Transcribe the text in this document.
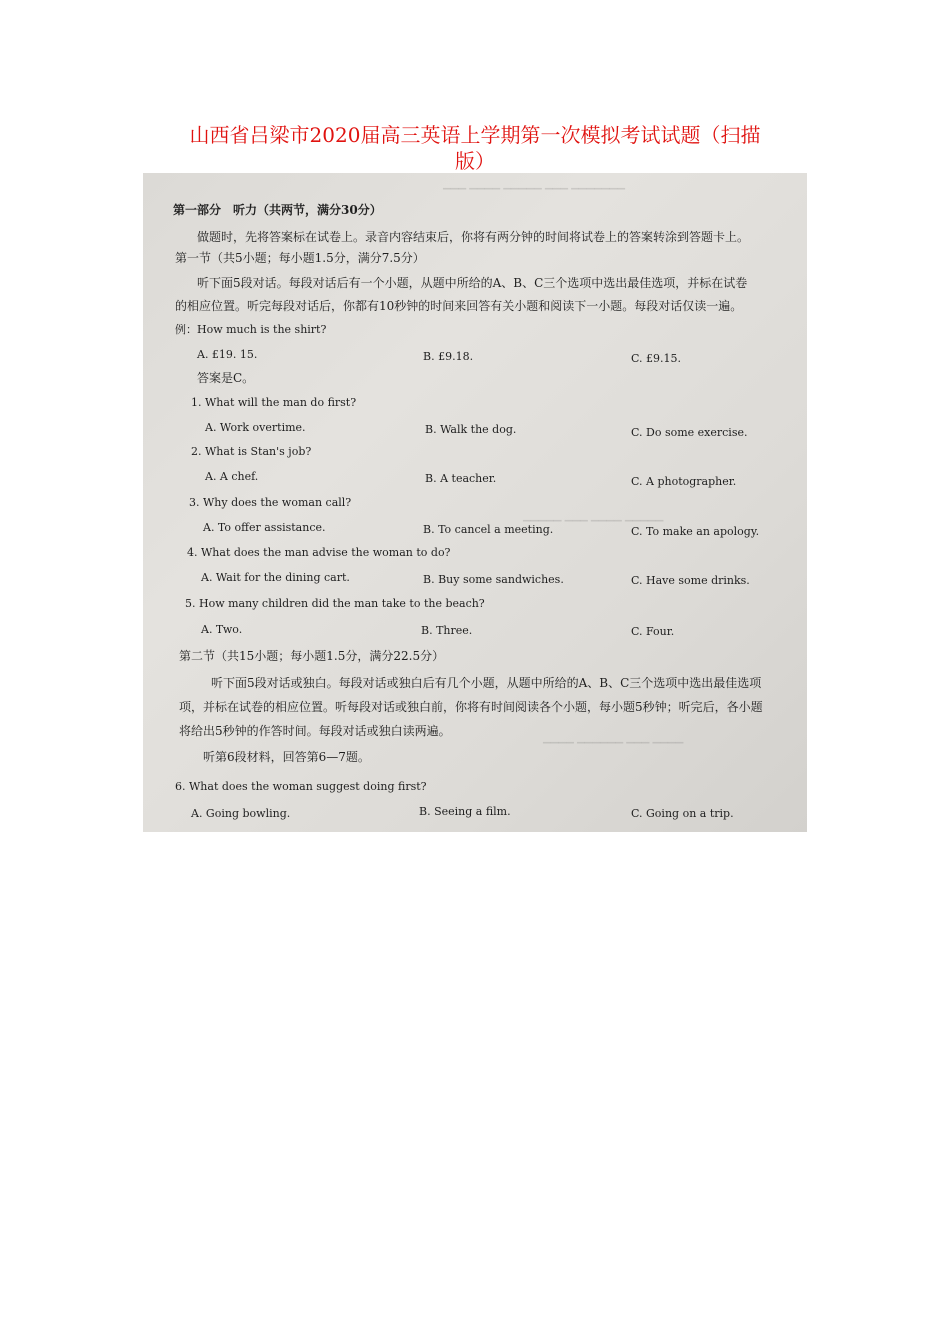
山西省吕梁市2020届高三英语上学期第一次模拟考试试题（扫描
版）
▁▁▁ ▁▁▁▁ ▁▁▁▁▁ ▁▁▁ ▁▁▁▁▁▁▁
▁▁▁▁▁ ▁▁▁ ▁▁▁▁ ▁▁▁▁▁
▁▁▁▁ ▁▁▁▁▁▁ ▁▁▁ ▁▁▁▁
第一部分　听力（共两节，满分30分）
做题时，先将答案标在试卷上。录音内容结束后，你将有两分钟的时间将试卷上的答案转涂到答题卡上。
第一节（共5小题；每小题1.5分，满分7.5分）
听下面5段对话。每段对话后有一个小题，从题中所给的A、B、C三个选项中选出最佳选项，并标在试卷
的相应位置。听完每段对话后，你都有10秒钟的时间来回答有关小题和阅读下一小题。每段对话仅读一遍。
例：How much is the shirt?
A. £19. 15.	B. £9.18.	C. £9.15.
答案是C。
1. What will the man do first?
A. Work overtime.	B. Walk the dog.	C. Do some exercise.
2. What is Stan's job?
A. A chef.	B. A teacher.	C. A photographer.
3. Why does the woman call?
A. To offer assistance.	B. To cancel a meeting.	C. To make an apology.
4. What does the man advise the woman to do?
A. Wait for the dining cart.	B. Buy some sandwiches.	C. Have some drinks.
5. How many children did the man take to the beach?
A. Two.	B. Three.	C. Four.
第二节（共15小题；每小题1.5分，满分22.5分）
听下面5段对话或独白。每段对话或独白后有几个小题，从题中所给的A、B、C三个选项中选出最佳选项
项，并标在试卷的相应位置。听每段对话或独白前，你将有时间阅读各个小题，每小题5秒钟；听完后，各小题
将给出5秒钟的作答时间。每段对话或独白读两遍。
听第6段材料，回答第6—7题。
6. What does the woman suggest doing first?
A. Going bowling.	B. Seeing a film.	C. Going on a trip.
